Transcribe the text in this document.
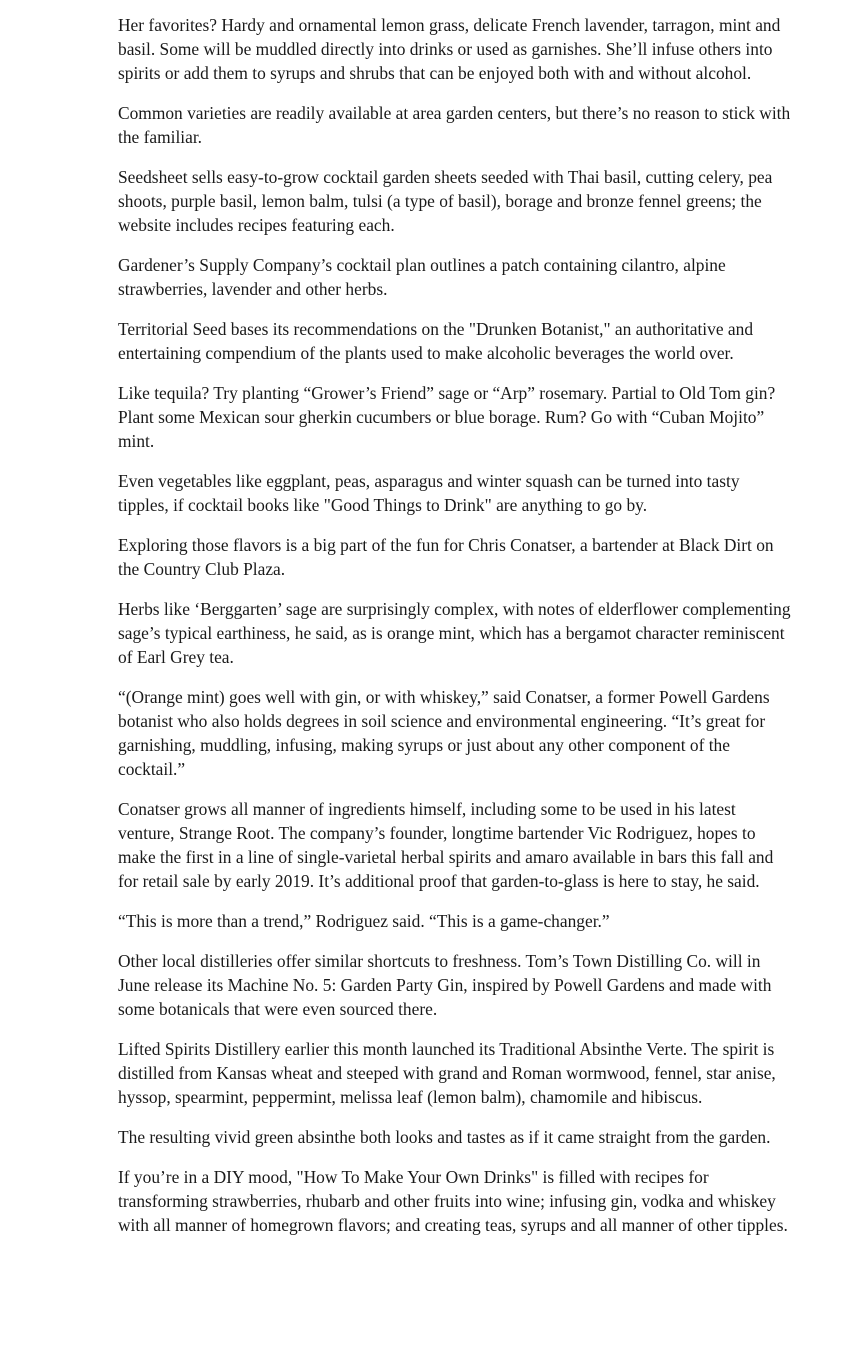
Her favorites? Hardy and ornamental lemon grass, delicate French lavender, tarragon, mint and basil. Some will be muddled directly into drinks or used as garnishes. She’ll infuse others into spirits or add them to syrups and shrubs that can be enjoyed both with and without alcohol.

Common varieties are readily available at area garden centers, but there’s no reason to stick with the familiar.

Seedsheet sells easy-to-grow cocktail garden sheets seeded with Thai basil, cutting celery, pea shoots, purple basil, lemon balm, tulsi (a type of basil), borage and bronze fennel greens; the website includes recipes featuring each.

Gardener’s Supply Company’s cocktail plan outlines a patch containing cilantro, alpine strawberries, lavender and other herbs.

Territorial Seed bases its recommendations on the "Drunken Botanist," an authoritative and entertaining compendium of the plants used to make alcoholic beverages the world over.

Like tequila? Try planting “Grower’s Friend” sage or “Arp” rosemary. Partial to Old Tom gin? Plant some Mexican sour gherkin cucumbers or blue borage. Rum? Go with “Cuban Mojito” mint.

Even vegetables like eggplant, peas, asparagus and winter squash can be turned into tasty tipples, if cocktail books like "Good Things to Drink" are anything to go by.

Exploring those flavors is a big part of the fun for Chris Conatser, a bartender at Black Dirt on the Country Club Plaza.

Herbs like ‘Berggarten’ sage are surprisingly complex, with notes of elderflower complementing sage’s typical earthiness, he said, as is orange mint, which has a bergamot character reminiscent of Earl Grey tea.

“(Orange mint) goes well with gin, or with whiskey,” said Conatser, a former Powell Gardens botanist who also holds degrees in soil science and environmental engineering. “It’s great for garnishing, muddling, infusing, making syrups or just about any other component of the cocktail.”

Conatser grows all manner of ingredients himself, including some to be used in his latest venture, Strange Root. The company’s founder, longtime bartender Vic Rodriguez, hopes to make the first in a line of single-varietal herbal spirits and amaro available in bars this fall and for retail sale by early 2019. It’s additional proof that garden-to-glass is here to stay, he said.

“This is more than a trend,” Rodriguez said. “This is a game-changer.”

Other local distilleries offer similar shortcuts to freshness. Tom’s Town Distilling Co. will in June release its Machine No. 5: Garden Party Gin, inspired by Powell Gardens and made with some botanicals that were even sourced there.

Lifted Spirits Distillery earlier this month launched its Traditional Absinthe Verte. The spirit is distilled from Kansas wheat and steeped with grand and Roman wormwood, fennel, star anise, hyssop, spearmint, peppermint, melissa leaf (lemon balm), chamomile and hibiscus.

The resulting vivid green absinthe both looks and tastes as if it came straight from the garden.

If you’re in a DIY mood, "How To Make Your Own Drinks" is filled with recipes for transforming strawberries, rhubarb and other fruits into wine; infusing gin, vodka and whiskey with all manner of homegrown flavors; and creating teas, syrups and all manner of other tipples.
